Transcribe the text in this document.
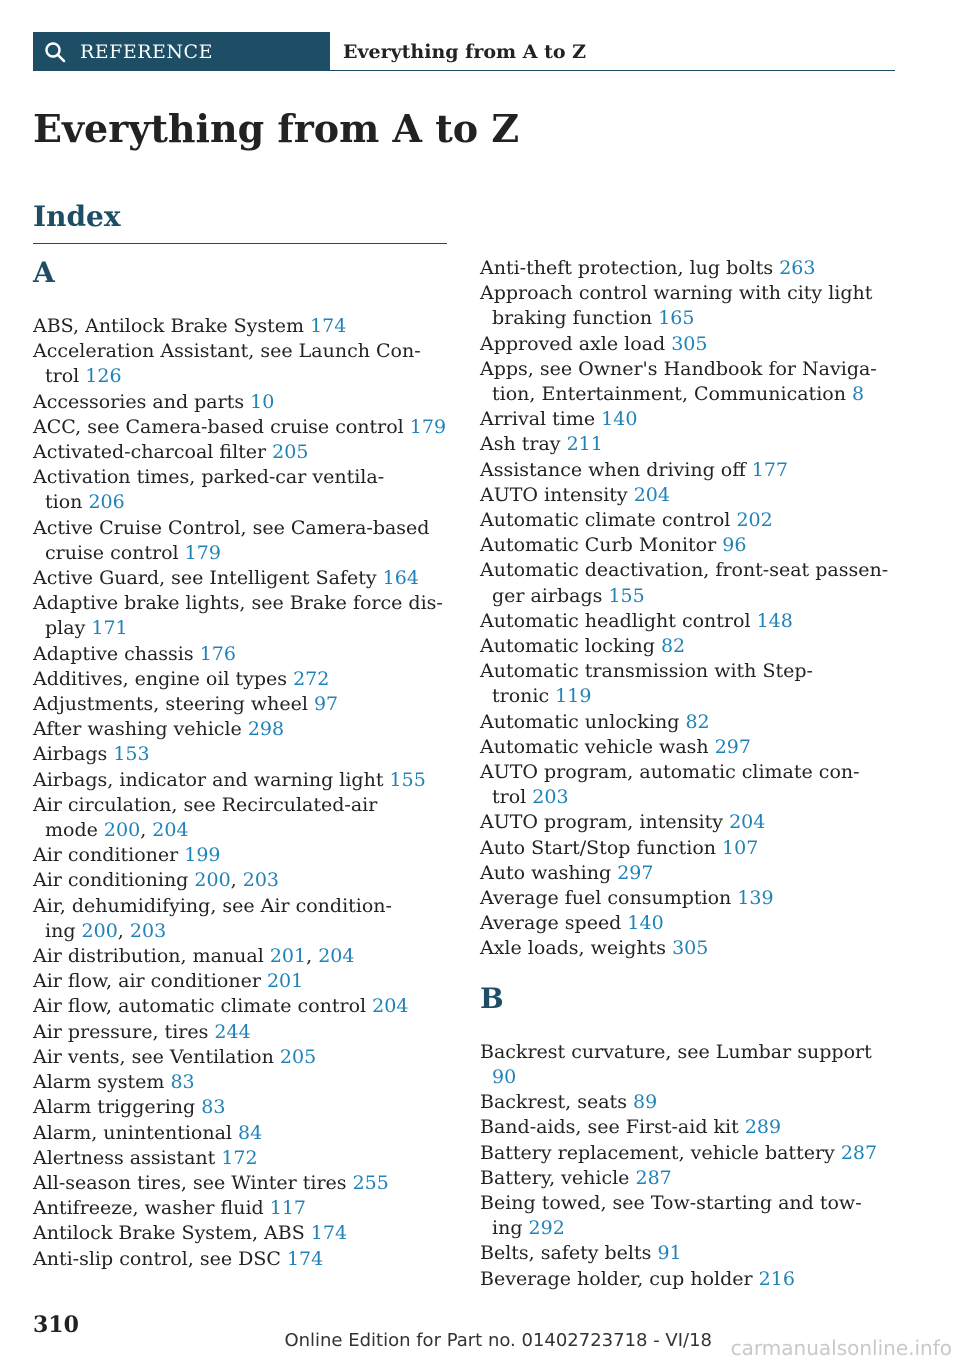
REFERENCE	Everything from A to Z
Everything from A to Z
Index
A
ABS, Antilock Brake System 174
Acceleration Assistant, see Launch Con-
trol 126
Accessories and parts 10
ACC, see Camera-based cruise control 179
Activated-charcoal filter 205
Activation times, parked-car ventila-
tion 206
Active Cruise Control, see Camera-based
cruise control 179
Active Guard, see Intelligent Safety 164
Adaptive brake lights, see Brake force dis-
play 171
Adaptive chassis 176
Additives, engine oil types 272
Adjustments, steering wheel 97
After washing vehicle 298
Airbags 153
Airbags, indicator and warning light 155
Air circulation, see Recirculated-air
mode 200, 204
Air conditioner 199
Air conditioning 200, 203
Air, dehumidifying, see Air condition-
ing 200, 203
Air distribution, manual 201, 204
Air flow, air conditioner 201
Air flow, automatic climate control 204
Air pressure, tires 244
Air vents, see Ventilation 205
Alarm system 83
Alarm triggering 83
Alarm, unintentional 84
Alertness assistant 172
All-season tires, see Winter tires 255
Antifreeze, washer fluid 117
Antilock Brake System, ABS 174
Anti-slip control, see DSC 174
Anti-theft protection, lug bolts 263
Approach control warning with city light
braking function 165
Approved axle load 305
Apps, see Owner's Handbook for Naviga-
tion, Entertainment, Communication 8
Arrival time 140
Ash tray 211
Assistance when driving off 177
AUTO intensity 204
Automatic climate control 202
Automatic Curb Monitor 96
Automatic deactivation, front-seat passen-
ger airbags 155
Automatic headlight control 148
Automatic locking 82
Automatic transmission with Step-
tronic 119
Automatic unlocking 82
Automatic vehicle wash 297
AUTO program, automatic climate con-
trol 203
AUTO program, intensity 204
Auto Start/Stop function 107
Auto washing 297
Average fuel consumption 139
Average speed 140
Axle loads, weights 305
B
Backrest curvature, see Lumbar support 90
Backrest, seats 89
Band-aids, see First-aid kit 289
Battery replacement, vehicle battery 287
Battery, vehicle 287
Being towed, see Tow-starting and tow-
ing 292
Belts, safety belts 91
Beverage holder, cup holder 216
310
Online Edition for Part no. 01402723718 - VI/18 carmanualsonline.info
